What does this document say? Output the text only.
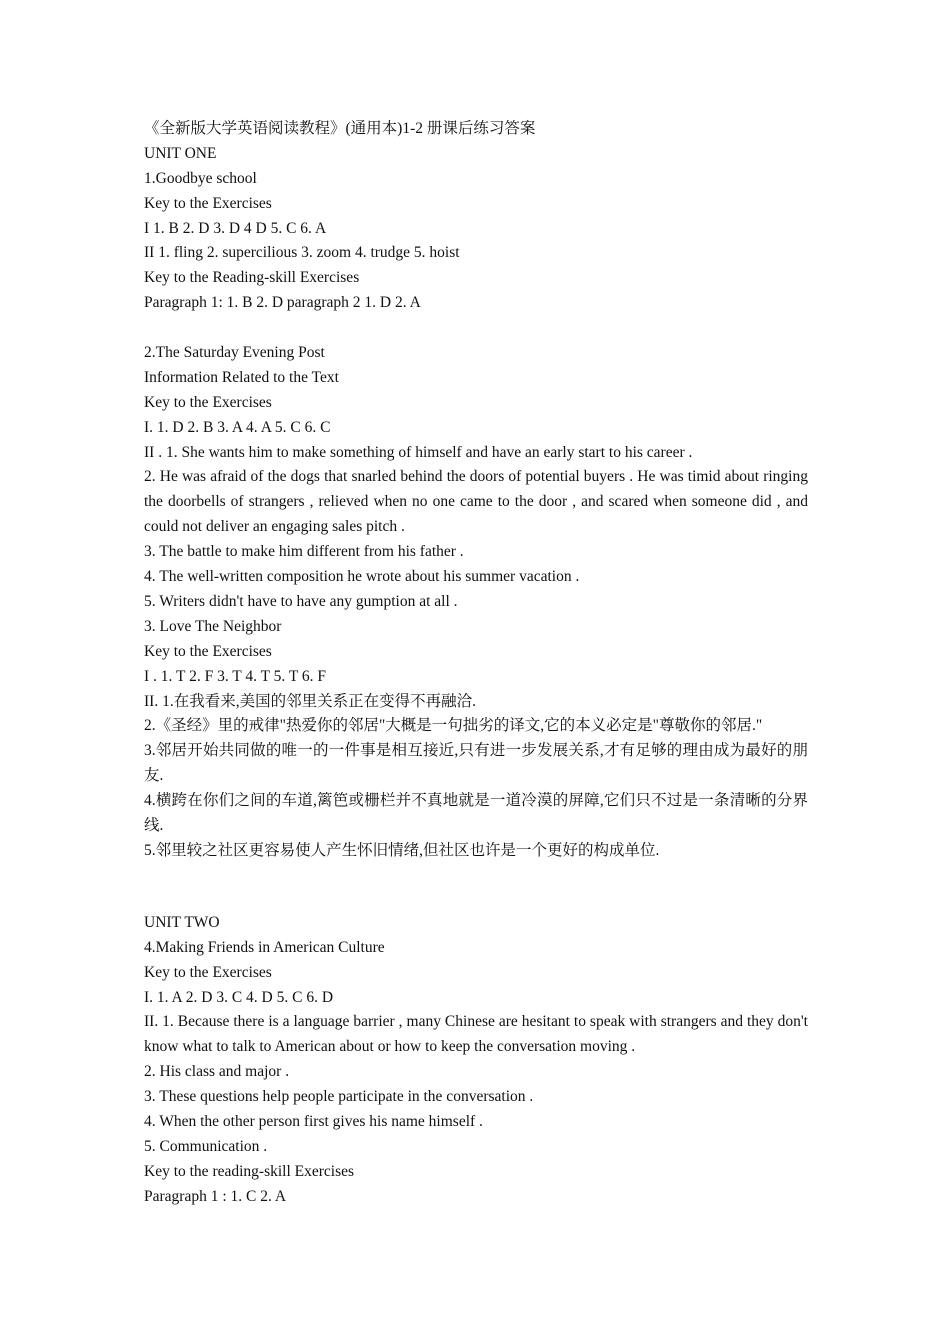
《全新版大学英语阅读教程》(通用本)1-2 册课后练习答案
UNIT ONE
1.Goodbye school
Key to the Exercises
I 1. B 2. D 3. D 4 D 5. C 6. A
II 1. fling 2. supercilious 3. zoom 4. trudge 5. hoist
Key to the Reading-skill Exercises
Paragraph 1: 1. B 2. D paragraph 2 1. D 2. A
2.The Saturday Evening Post
Information Related to the Text
Key to the Exercises
I. 1. D 2. B 3. A 4. A 5. C 6. C
II . 1. She wants him to make something of himself and have an early start to his career .
2. He was afraid of the dogs that snarled behind the doors of potential buyers . He was timid about ringing the doorbells of strangers , relieved when no one came to the door , and scared when someone did , and could not deliver an engaging sales pitch .
3. The battle to make him different from his father .
4. The well-written composition he wrote about his summer vacation .
5. Writers didn't have to have any gumption at all .
3. Love The Neighbor
Key to the Exercises
I . 1. T 2. F 3. T 4. T 5. T 6. F
II. 1.在我看来,美国的邻里关系正在变得不再融洽.
2.《圣经》里的戒律"热爱你的邻居"大概是一句拙劣的译文,它的本义必定是"尊敬你的邻居."
3.邻居开始共同做的唯一的一件事是相互接近,只有进一步发展关系,才有足够的理由成为最好的朋友.
4.横跨在你们之间的车道,篱笆或栅栏并不真地就是一道冷漠的屏障,它们只不过是一条清晰的分界线.
5.邻里较之社区更容易使人产生怀旧情绪,但社区也许是一个更好的构成单位.
UNIT TWO
4.Making Friends in American Culture
Key to the Exercises
I. 1. A 2. D 3. C 4. D 5. C 6. D
II. 1. Because there is a language barrier , many Chinese are hesitant to speak with strangers and they don't know what to talk to American about or how to keep the conversation moving .
2. His class and major .
3. These questions help people participate in the conversation .
4. When the other person first gives his name himself .
5. Communication .
Key to the reading-skill Exercises
Paragraph 1 : 1. C 2. A
